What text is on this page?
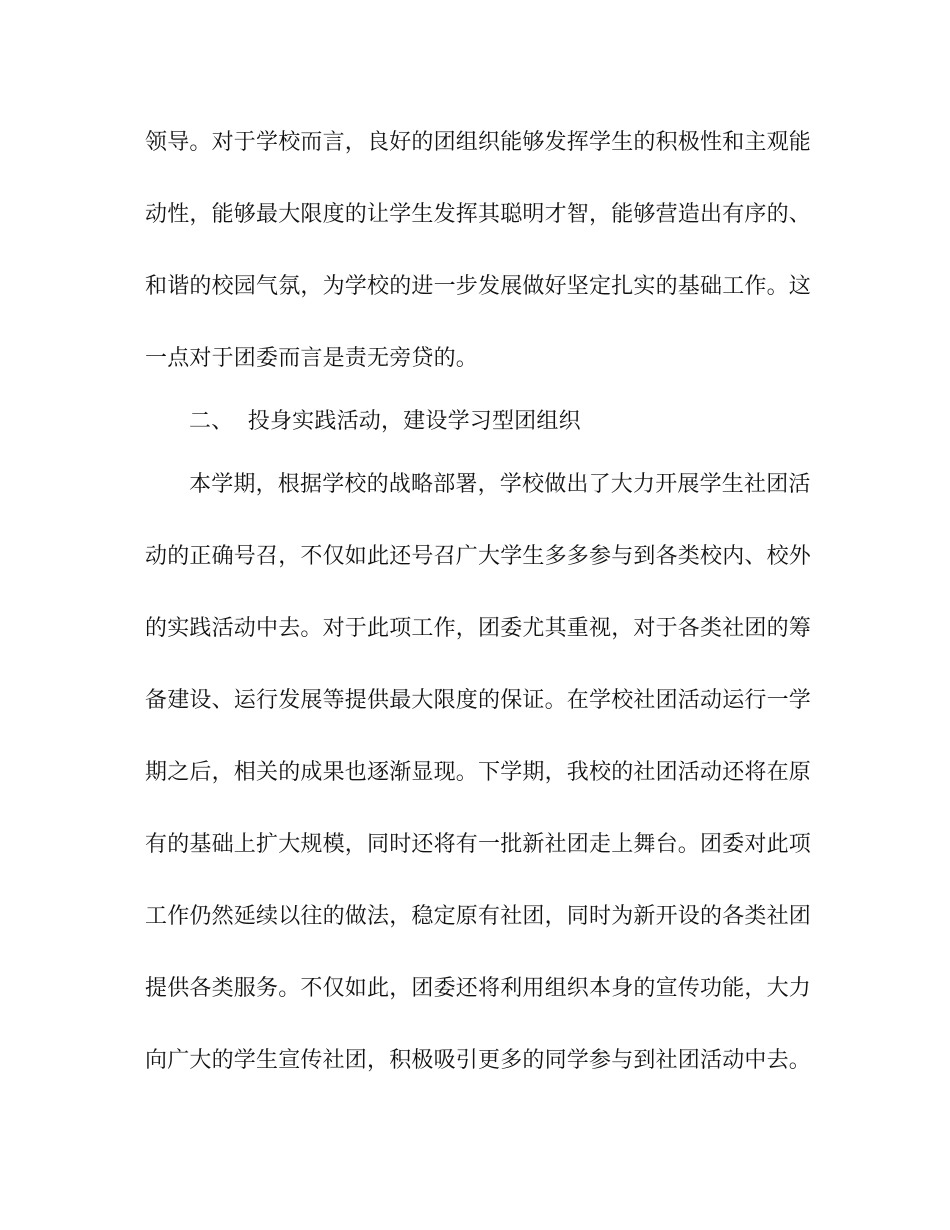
领导。对于学校而言，良好的团组织能够发挥学生的积极性和主观能
动性，能够最大限度的让学生发挥其聪明才智，能够营造出有序的、
和谐的校园气氛，为学校的进一步发展做好坚定扎实的基础工作。这
一点对于团委而言是责无旁贷的。
二、  投身实践活动，建设学习型团组织
本学期，根据学校的战略部署，学校做出了大力开展学生社团活
动的正确号召，不仅如此还号召广大学生多多参与到各类校内、校外
的实践活动中去。对于此项工作，团委尤其重视，对于各类社团的筹
备建设、运行发展等提供最大限度的保证。在学校社团活动运行一学
期之后，相关的成果也逐渐显现。下学期，我校的社团活动还将在原
有的基础上扩大规模，同时还将有一批新社团走上舞台。团委对此项
工作仍然延续以往的做法，稳定原有社团，同时为新开设的各类社团
提供各类服务。不仅如此，团委还将利用组织本身的宣传功能，大力
向广大的学生宣传社团，积极吸引更多的同学参与到社团活动中去。
